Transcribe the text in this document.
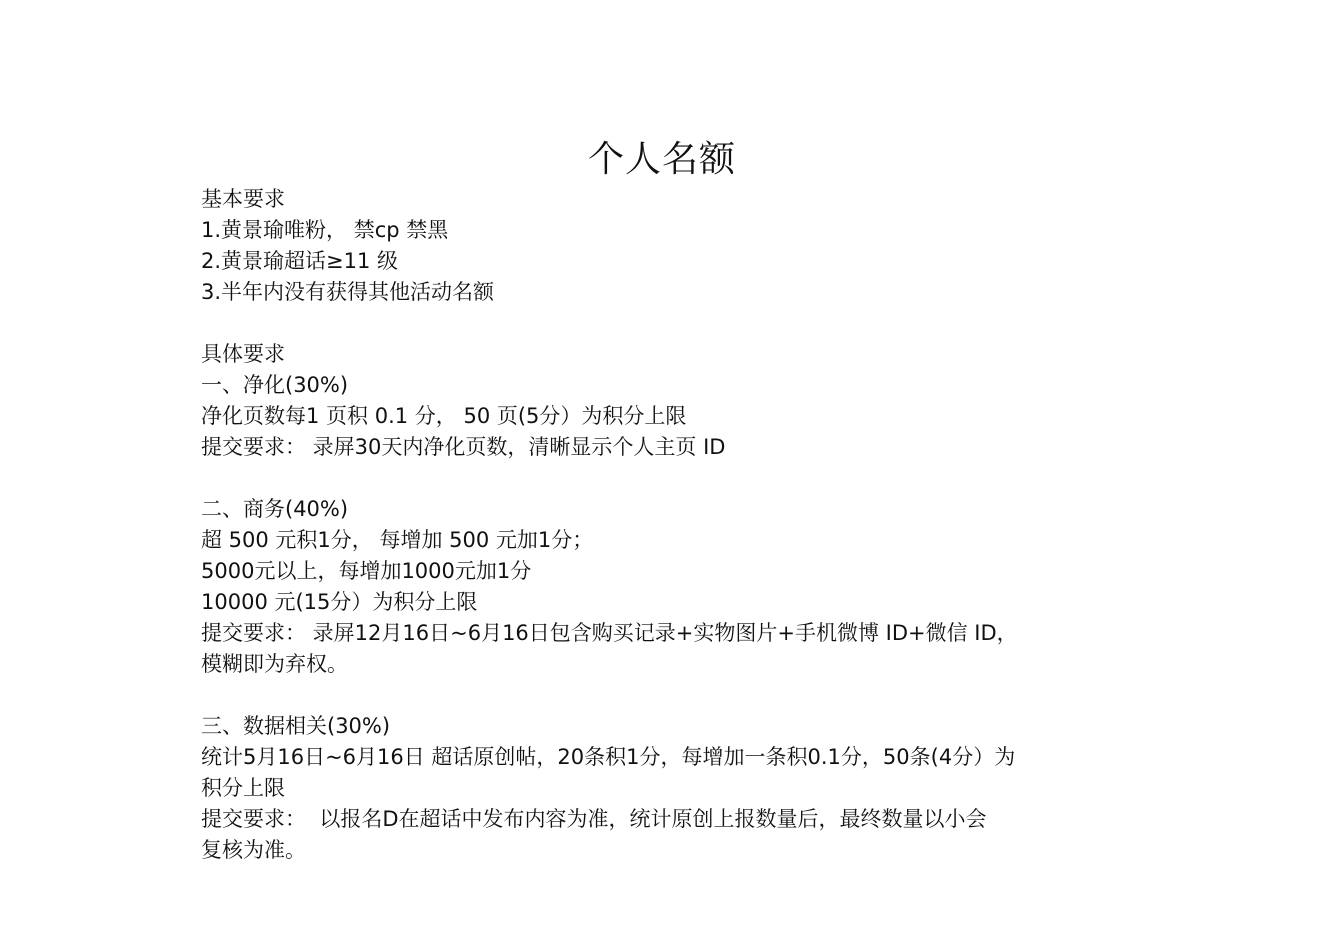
个人名额

基本要求

1.黄景瑜唯粉， 禁cp 禁黑

2.黄景瑜超话≥11 级

3.半年内没有获得其他活动名额

具体要求

一、净化(30%)

净化页数每1 页积 0.1 分， 50 页(5分）为积分上限

提交要求： 录屏30天内净化页数，清晰显示个人主页 ID

二、商务(40%)

超 500 元积1分， 每增加 500 元加1分；

5000元以上，每增加1000元加1分

10000 元(15分）为积分上限

提交要求： 录屏12月16日~6月16日包含购买记录+实物图片+手机微博 ID+微信 ID，

模糊即为弃权。

三、数据相关(30%)

统计5月16日~6月16日 超话原创帖，20条积1分，每增加一条积0.1分，50条(4分）为

积分上限

提交要求：  以报名D在超话中发布内容为准，统计原创上报数量后，最终数量以小会

复核为准。
